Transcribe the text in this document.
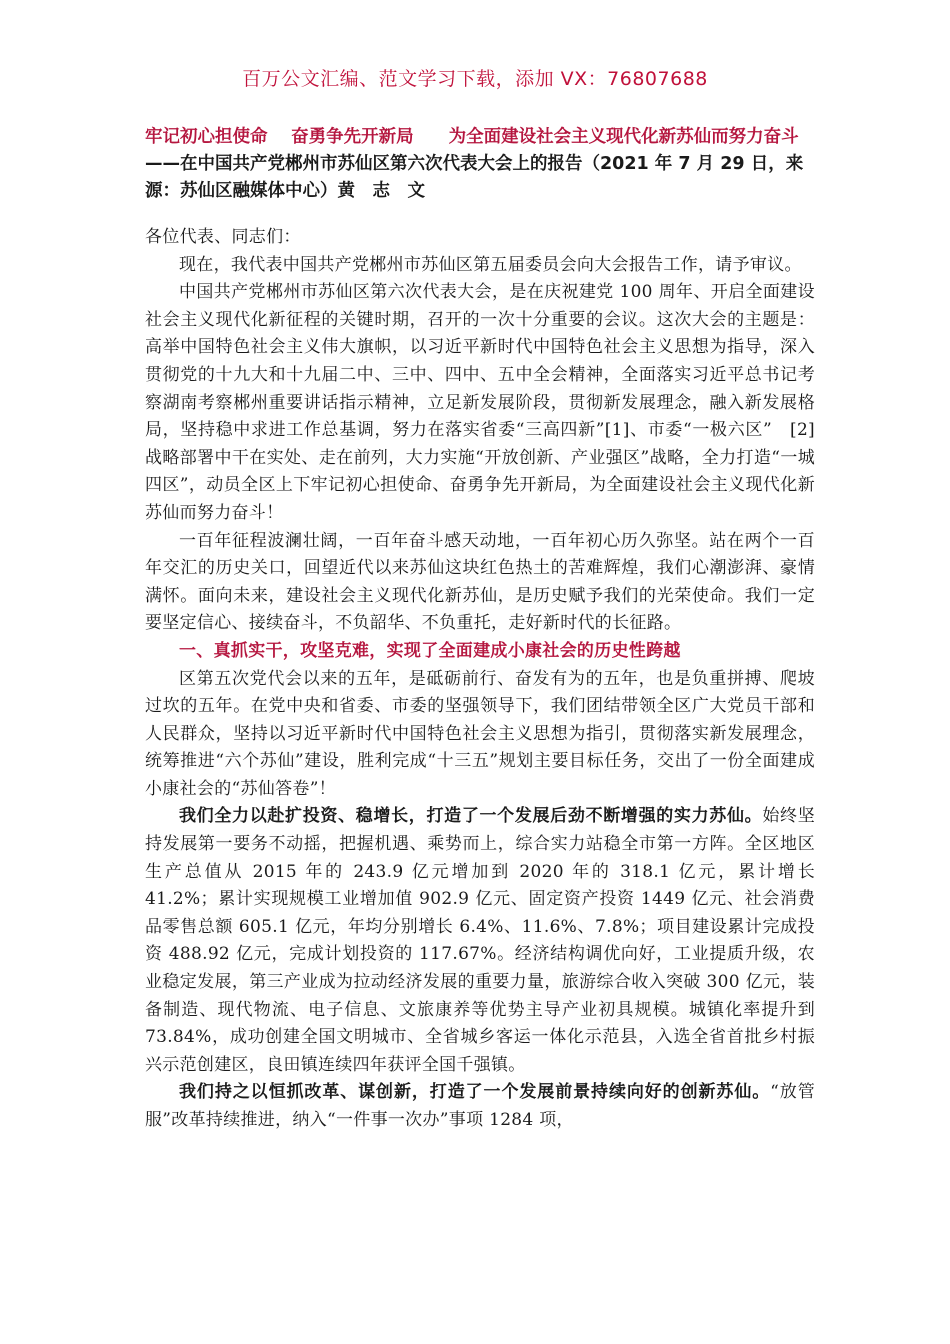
百万公文汇编、范文学习下载，添加 VX：76807688
牢记初心担使命　 奋勇争先开新局　　为全面建设社会主义现代化新苏仙而努力奋斗——在中国共产党郴州市苏仙区第六次代表大会上的报告（2021 年 7 月 29 日，来源：苏仙区融媒体中心）黄　志　文

各位代表、同志们：

现在，我代表中国共产党郴州市苏仙区第五届委员会向大会报告工作，请予审议。

中国共产党郴州市苏仙区第六次代表大会，是在庆祝建党 100 周年、开启全面建设社会主义现代化新征程的关键时期，召开的一次十分重要的会议。这次大会的主题是：高举中国特色社会主义伟大旗帜，以习近平新时代中国特色社会主义思想为指导，深入贯彻党的十九大和十九届二中、三中、四中、五中全会精神，全面落实习近平总书记考察湖南考察郴州重要讲话指示精神，立足新发展阶段，贯彻新发展理念，融入新发展格局，坚持稳中求进工作总基调，努力在落实省委“三高四新”[1]、市委“一极六区”　[2]战略部署中干在实处、走在前列，大力实施“开放创新、产业强区”战略，全力打造“一城四区”，动员全区上下牢记初心担使命、奋勇争先开新局，为全面建设社会主义现代化新苏仙而努力奋斗！

一百年征程波澜壮阔，一百年奋斗感天动地，一百年初心历久弥坚。站在两个一百年交汇的历史关口，回望近代以来苏仙这块红色热土的苦难辉煌，我们心潮澎湃、豪情满怀。面向未来，建设社会主义现代化新苏仙，是历史赋予我们的光荣使命。我们一定要坚定信心、接续奋斗，不负韶华、不负重托，走好新时代的长征路。

一、真抓实干，攻坚克难，实现了全面建成小康社会的历史性跨越

区第五次党代会以来的五年，是砥砺前行、奋发有为的五年，也是负重拼搏、爬坡过坎的五年。在党中央和省委、市委的坚强领导下，我们团结带领全区广大党员干部和人民群众，坚持以习近平新时代中国特色社会主义思想为指引，贯彻落实新发展理念，统筹推进“六个苏仙”建设，胜利完成“十三五”规划主要目标任务，交出了一份全面建成小康社会的“苏仙答卷”！

我们全力以赴扩投资、稳增长，打造了一个发展后劲不断增强的实力苏仙。始终坚持发展第一要务不动摇，把握机遇、乘势而上，综合实力站稳全市第一方阵。全区地区生产总值从 2015 年的 243.9 亿元增加到 2020 年的 318.1 亿元，累计增长 41.2%；累计实现规模工业增加值 902.9 亿元、固定资产投资 1449 亿元、社会消费品零售总额 605.1 亿元，年均分别增长 6.4%、11.6%、7.8%；项目建设累计完成投资 488.92 亿元，完成计划投资的 117.67%。经济结构调优向好，工业提质升级，农业稳定发展，第三产业成为拉动经济发展的重要力量，旅游综合收入突破 300 亿元，装备制造、现代物流、电子信息、文旅康养等优势主导产业初具规模。城镇化率提升到 73.84%，成功创建全国文明城市、全省城乡客运一体化示范县，入选全省首批乡村振兴示范创建区，良田镇连续四年获评全国千强镇。

我们持之以恒抓改革、谋创新，打造了一个发展前景持续向好的创新苏仙。“放管服”改革持续推进，纳入“一件事一次办”事项 1284 项，
